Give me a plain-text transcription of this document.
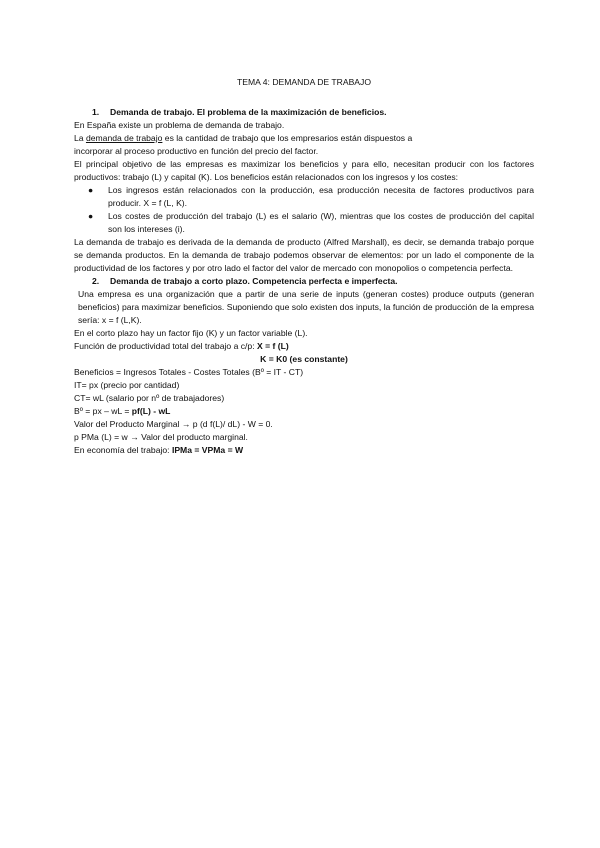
TEMA 4: DEMANDA DE TRABAJO

1. Demanda de trabajo. El problema de la maximización de beneficios.

En España existe un problema de demanda de trabajo.

La demanda de trabajo es la cantidad de trabajo que los empresarios están dispuestos a
incorporar al proceso productivo en función del precio del factor.

El principal objetivo de las empresas es maximizar los beneficios y para ello, necesitan producir con los factores productivos: trabajo (L) y capital (K). Los beneficios están relacionados con los ingresos y los costes:

● Los ingresos están relacionados con la producción, esa producción necesita de factores productivos para producir. X = f (L, K).
● Los costes de producción del trabajo (L) es el salario (W), mientras que los costes de producción del capital son los intereses (i).

La demanda de trabajo es derivada de la demanda de producto (Alfred Marshall), es decir, se demanda trabajo porque se demanda productos. En la demanda de trabajo podemos observar de elementos: por un lado el componente de la productividad de los factores y por otro lado el factor del valor de mercado con monopolios o competencia perfecta.

2. Demanda de trabajo a corto plazo. Competencia perfecta e imperfecta.

Una empresa es una organización que a partir de una serie de inputs (generan costes) produce outputs (generan beneficios) para maximizar beneficios. Suponiendo que solo existen dos inputs, la función de producción de la empresa sería: x = f (L,K).

En el corto plazo hay un factor fijo (K) y un factor variable (L).

Función de productividad total del trabajo a c/p: X = f (L)

K = K0 (es constante)

Beneficios = Ingresos Totales - Costes Totales (Bº = IT - CT)

IT= px (precio por cantidad)

CT= wL (salario por nº de trabajadores)

Bº = px – wL = pf(L) - wL

Valor del Producto Marginal → p (d f(L)/ dL) - W = 0.

p PMa (L) = w → Valor del producto marginal.

En economía del trabajo: IPMa = VPMa = W
